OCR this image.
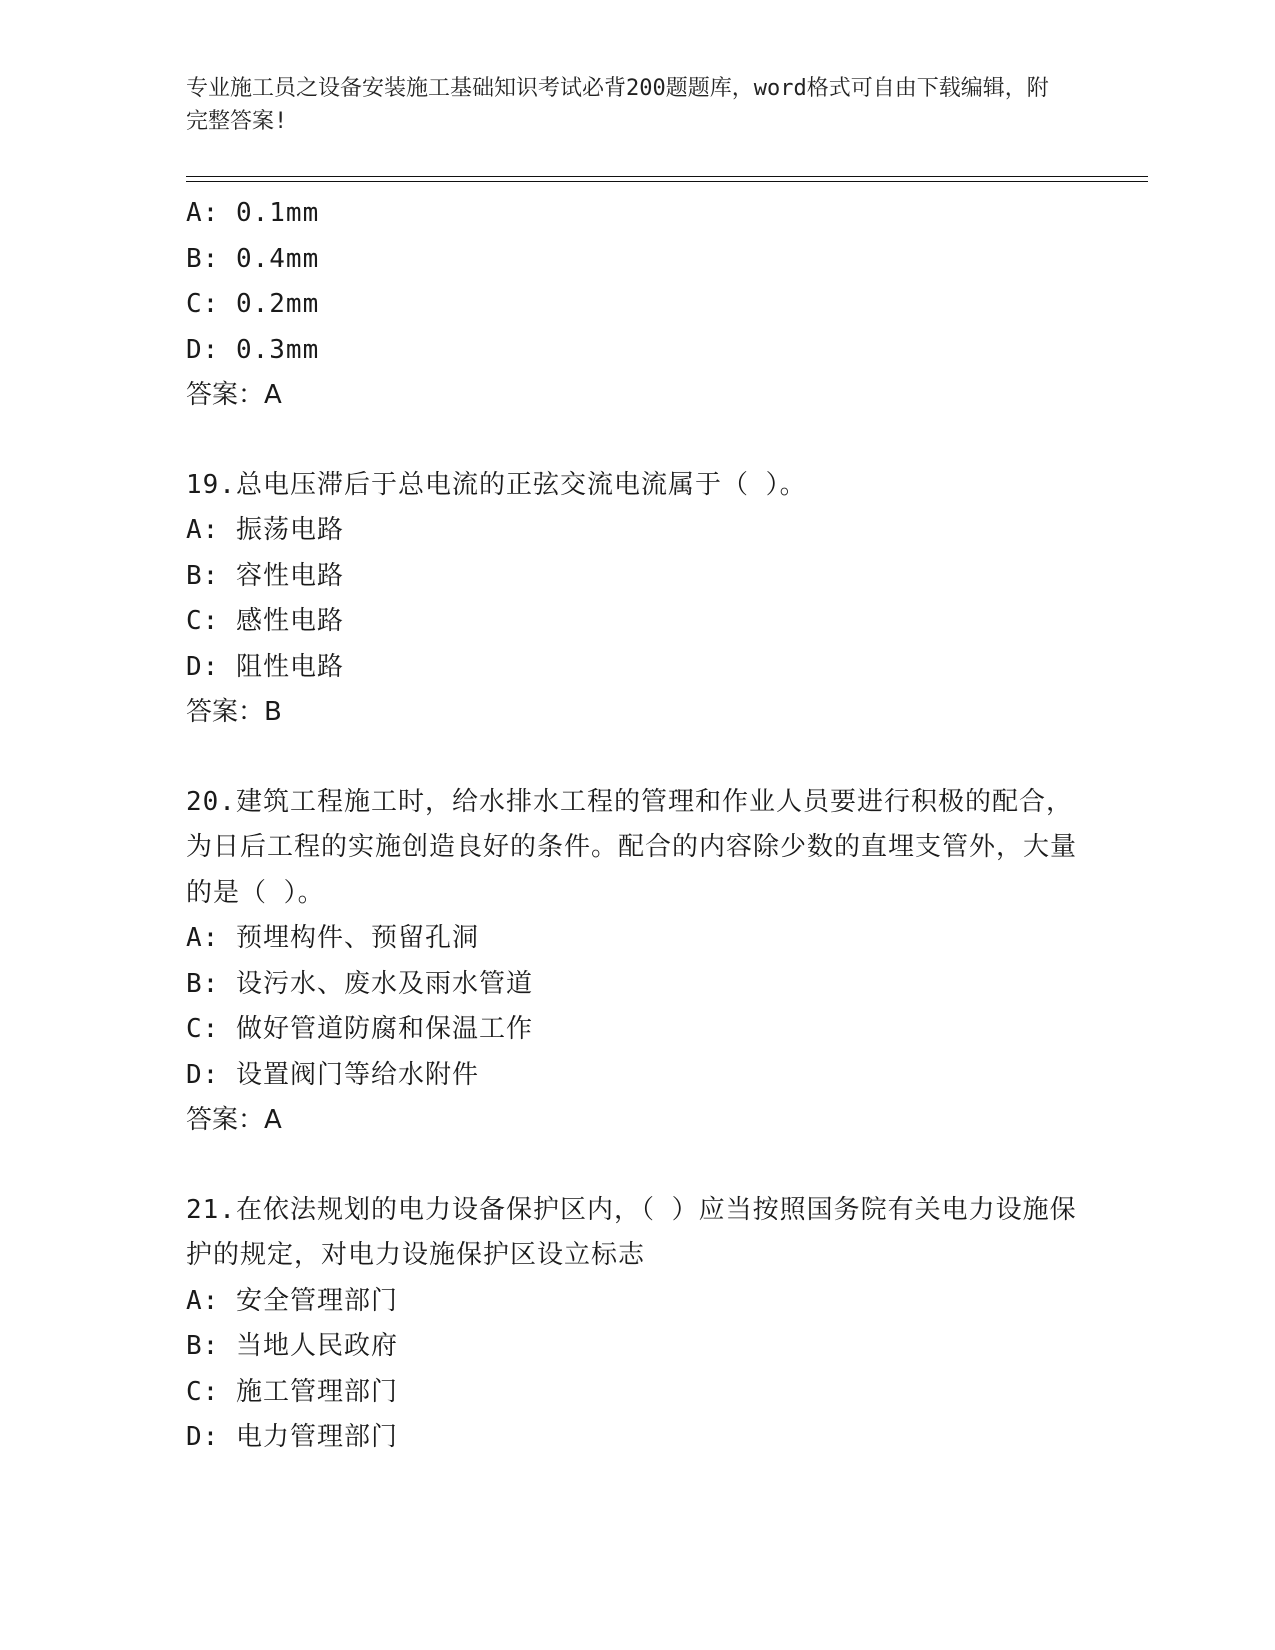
专业施工员之设备安装施工基础知识考试必背200题题库，word格式可自由下载编辑，附完整答案!
A: 0.1mm
B: 0.4mm
C: 0.2mm
D: 0.3mm
答案：A
19.总电压滞后于总电流的正弦交流电流属于（ ）。
A: 振荡电路
B: 容性电路
C: 感性电路
D: 阻性电路
答案：B
20.建筑工程施工时，给水排水工程的管理和作业人员要进行积极的配合，为日后工程的实施创造良好的条件。配合的内容除少数的直埋支管外，大量的是（ ）。
A: 预埋构件、预留孔洞
B: 设污水、废水及雨水管道
C: 做好管道防腐和保温工作
D: 设置阀门等给水附件
答案：A
21.在依法规划的电力设备保护区内，（ ）应当按照国务院有关电力设施保护的规定，对电力设施保护区设立标志
A: 安全管理部门
B: 当地人民政府
C: 施工管理部门
D: 电力管理部门
